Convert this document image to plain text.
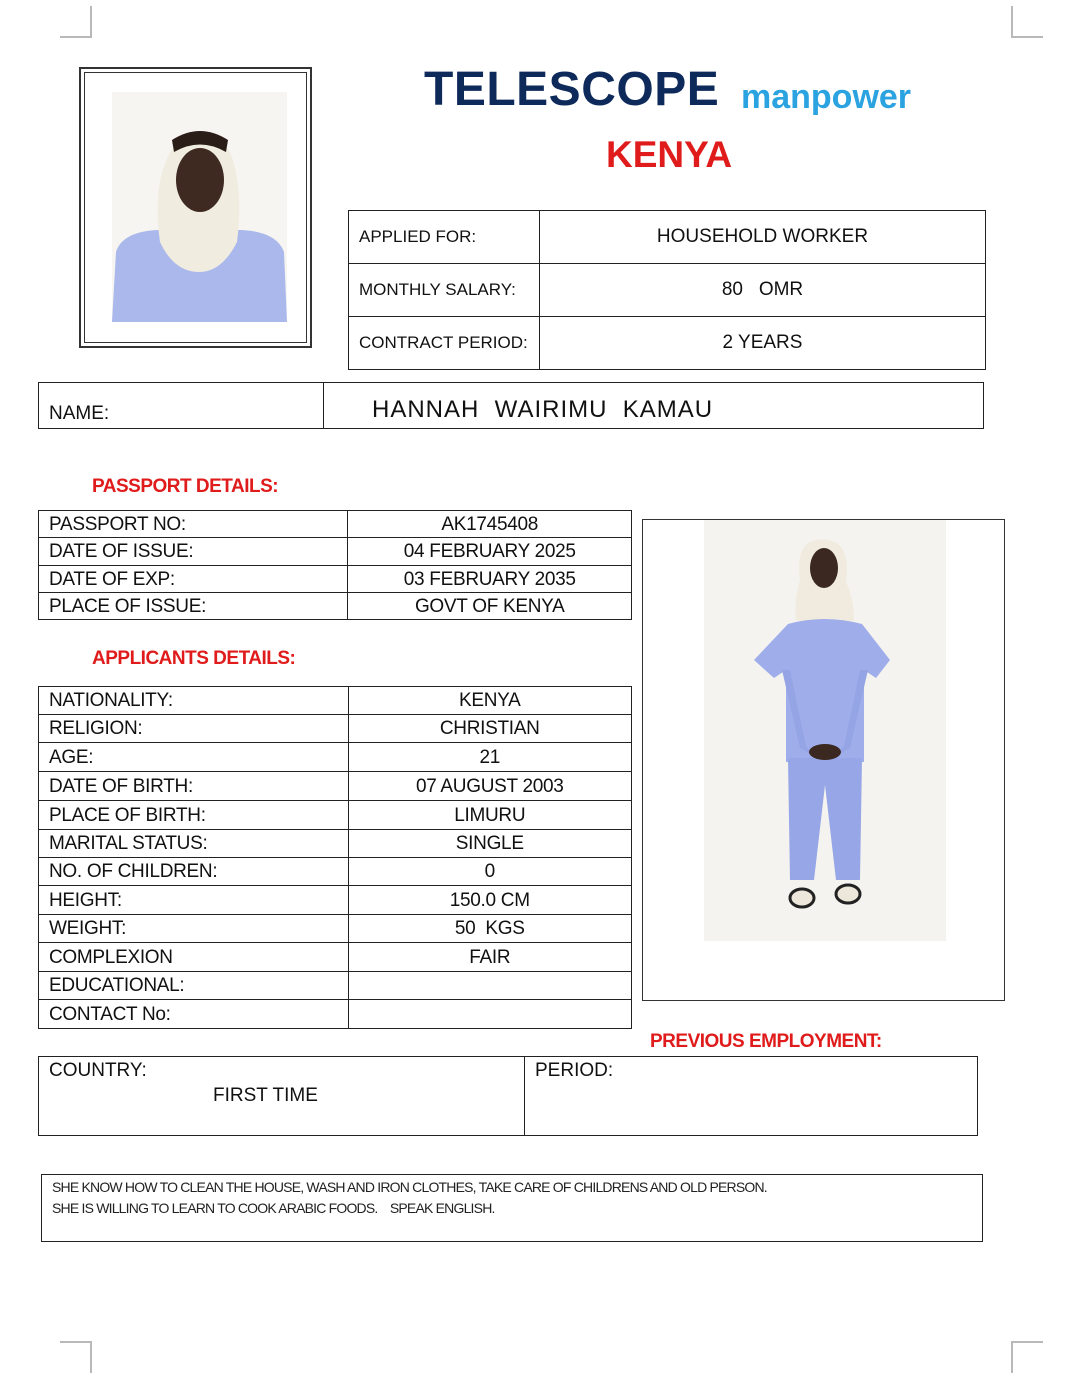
TELESCOPE manpower
KENYA
APPLIED FOR:	HOUSEHOLD WORKER
MONTHLY SALARY:	80   OMR
CONTRACT PERIOD:	2 YEARS
NAME:	HANNAH  WAIRIMU  KAMAU
PASSPORT DETAILS:
PASSPORT NO:	AK1745408
DATE OF ISSUE:	04 FEBRUARY 2025
DATE OF EXP:	03 FEBRUARY 2035
PLACE OF ISSUE:	GOVT OF KENYA
APPLICANTS DETAILS:
NATIONALITY:	KENYA
RELIGION:	CHRISTIAN
AGE:	21
DATE OF BIRTH:	07 AUGUST 2003
PLACE OF BIRTH:	LIMURU
MARITAL STATUS:	SINGLE
NO. OF CHILDREN:	0
HEIGHT:	150.0 CM
WEIGHT:	50  KGS
COMPLEXION	FAIR
EDUCATIONAL:	
CONTACT No:	
PREVIOUS EMPLOYMENT:
COUNTRY:
FIRST TIME
PERIOD:
SHE KNOW HOW TO CLEAN THE HOUSE, WASH AND IRON CLOTHES, TAKE CARE OF CHILDRENS AND OLD PERSON.
SHE IS WILLING TO LEARN TO COOK ARABIC FOODS.    SPEAK ENGLISH.
